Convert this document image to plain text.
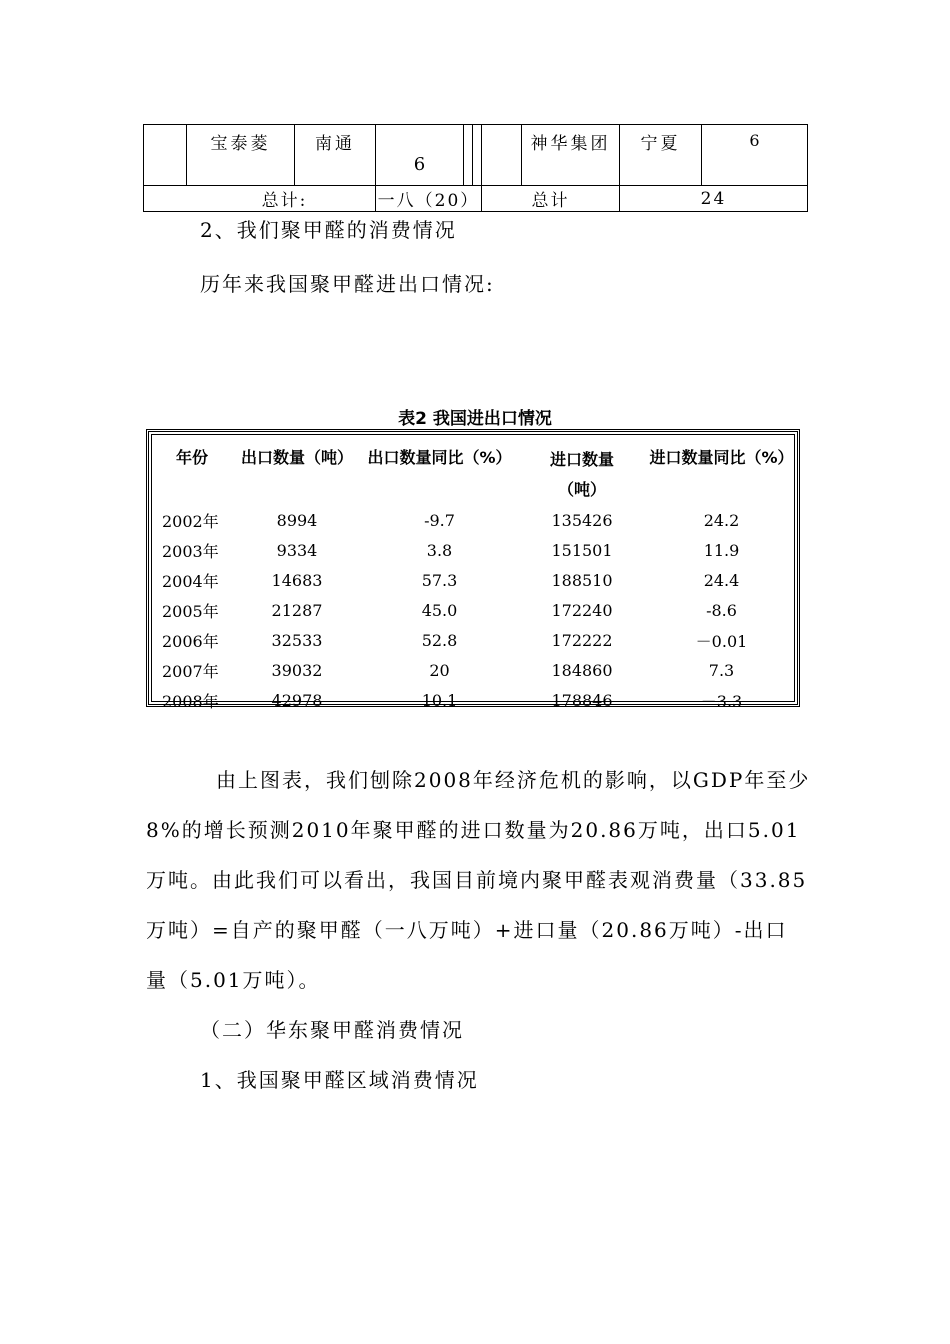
	宝泰菱	南通	6				神华集团	宁夏	6
总计:			一八（20）			总计		24	
2、我们聚甲醛的消费情况
历年来我国聚甲醛进出口情况:
表2 我国进出口情况
年份	出口数量（吨）	出口数量同比（%）	进口数量（吨）	进口数量同比（%）
2002年	8994	-9.7	135426	24.2
2003年	9334	3.8	151501	11.9
2004年	14683	57.3	188510	24.4
2005年	21287	45.0	172240	-8.6
2006年	32533	52.8	172222	－0.01
2007年	39032	20	184860	7.3
2008年	42978	10.1	178846	－3.3
由上图表，我们刨除2008年经济危机的影响，以GDP年至少
8%的增长预测2010年聚甲醛的进口数量为20.86万吨，出口5.01
万吨。由此我们可以看出，我国目前境内聚甲醛表观消费量（33.85
万吨）=自产的聚甲醛（一八万吨）+进口量（20.86万吨）-出口
量（5.01万吨）。
（二）华东聚甲醛消费情况
1、我国聚甲醛区域消费情况
